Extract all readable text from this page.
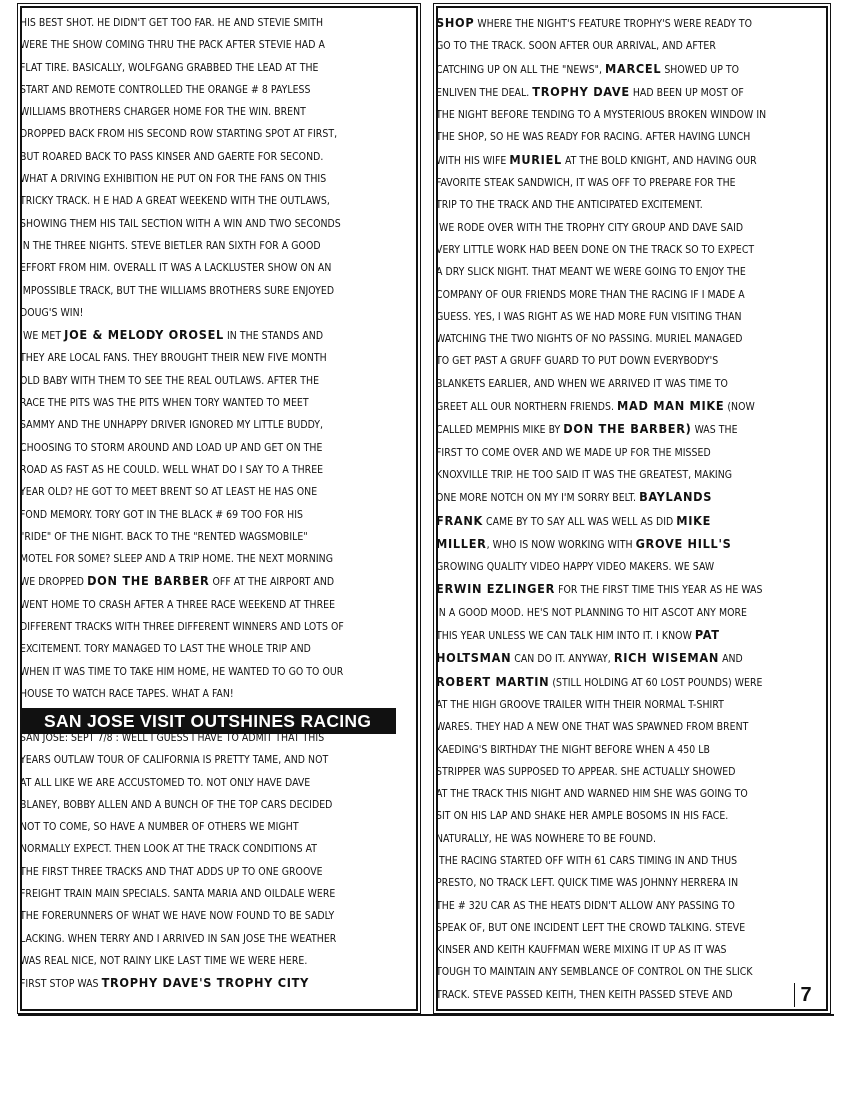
HIS BEST SHOT. HE DIDN'T GET TOO FAR. HE AND STEVIE SMITH

WERE THE SHOW COMING THRU THE PACK AFTER STEVIE HAD A

FLAT TIRE. BASICALLY, WOLFGANG GRABBED THE LEAD AT THE

START AND REMOTE CONTROLLED THE ORANGE # 8 PAYLESS

WILLIAMS BROTHERS CHARGER HOME FOR THE WIN. BRENT

DROPPED BACK FROM HIS SECOND ROW STARTING SPOT AT FIRST,

BUT ROARED BACK TO PASS KINSER AND GAERTE FOR SECOND.

WHAT A DRIVING EXHIBITION HE PUT ON FOR THE FANS ON THIS

TRICKY TRACK. H E HAD A GREAT WEEKEND WITH THE OUTLAWS,

SHOWING THEM HIS TAIL SECTION WITH A WIN AND TWO SECONDS

IN THE THREE NIGHTS. STEVE BIETLER RAN SIXTH FOR A GOOD

EFFORT FROM HIM. OVERALL IT WAS A LACKLUSTER SHOW ON AN

IMPOSSIBLE TRACK, BUT THE WILLIAMS BROTHERS SURE ENJOYED

DOUG'S WIN!

WE MET JOE & MELODY OROSEL IN THE STANDS AND

THEY ARE LOCAL FANS. THEY BROUGHT THEIR NEW FIVE MONTH

OLD BABY WITH THEM TO SEE THE REAL OUTLAWS. AFTER THE

RACE THE PITS WAS THE PITS WHEN TORY WANTED TO MEET

SAMMY AND THE UNHAPPY DRIVER IGNORED MY LITTLE BUDDY,

CHOOSING TO STORM AROUND AND LOAD UP AND GET ON THE

ROAD AS FAST AS HE COULD. WELL WHAT DO I SAY TO A THREE

YEAR OLD? HE GOT TO MEET BRENT SO AT LEAST HE HAS ONE

FOND MEMORY. TORY GOT IN THE BLACK # 69 TOO FOR HIS

"RIDE" OF THE NIGHT. BACK TO THE "RENTED WAGSMOBILE"

MOTEL FOR SOME? SLEEP AND A TRIP HOME. THE NEXT MORNING

WE DROPPED DON THE BARBER OFF AT THE AIRPORT AND

WENT HOME TO CRASH AFTER A THREE RACE WEEKEND AT THREE

DIFFERENT TRACKS WITH THREE DIFFERENT WINNERS AND LOTS OF

EXCITEMENT. TORY MANAGED TO LAST THE WHOLE TRIP AND

WHEN IT WAS TIME TO TAKE HIM HOME, HE WANTED TO GO TO OUR

HOUSE TO WATCH RACE TAPES. WHAT A FAN!

SAN JOSE VISIT OUTSHINES RACING

SAN JOSE: SEPT 7/8 : WELL I GUESS I HAVE TO ADMIT THAT THIS

YEARS OUTLAW TOUR OF CALIFORNIA IS PRETTY TAME, AND NOT

AT ALL LIKE WE ARE ACCUSTOMED TO. NOT ONLY HAVE DAVE

BLANEY, BOBBY ALLEN AND A BUNCH OF THE TOP CARS DECIDED

NOT TO COME, SO HAVE A NUMBER OF OTHERS WE MIGHT

NORMALLY EXPECT. THEN LOOK AT THE TRACK CONDITIONS AT

THE FIRST THREE TRACKS AND THAT ADDS UP TO ONE GROOVE

FREIGHT TRAIN MAIN SPECIALS. SANTA MARIA AND OILDALE WERE

THE FORERUNNERS OF WHAT WE HAVE NOW FOUND TO BE SADLY

LACKING. WHEN TERRY AND I ARRIVED IN SAN JOSE THE WEATHER

WAS REAL NICE, NOT RAINY LIKE LAST TIME WE WERE HERE.

FIRST STOP WAS TROPHY DAVE'S TROPHY CITY

SHOP WHERE THE NIGHT'S FEATURE TROPHY'S WERE READY TO

GO TO THE TRACK. SOON AFTER OUR ARRIVAL, AND AFTER

CATCHING UP ON ALL THE "NEWS", MARCEL SHOWED UP TO

ENLIVEN THE DEAL. TROPHY DAVE HAD BEEN UP MOST OF

THE NIGHT BEFORE TENDING TO A MYSTERIOUS BROKEN WINDOW IN

THE SHOP, SO HE WAS READY FOR RACING. AFTER HAVING LUNCH

WITH HIS WIFE MURIEL AT THE BOLD KNIGHT, AND HAVING OUR

FAVORITE STEAK SANDWICH, IT WAS OFF TO PREPARE FOR THE

TRIP TO THE TRACK AND THE ANTICIPATED EXCITEMENT.

WE RODE OVER WITH THE TROPHY CITY GROUP AND DAVE SAID

VERY LITTLE WORK HAD BEEN DONE ON THE TRACK SO TO EXPECT

A DRY SLICK NIGHT. THAT MEANT WE WERE GOING TO ENJOY THE

COMPANY OF OUR FRIENDS MORE THAN THE RACING IF I MADE A

GUESS. YES, I WAS RIGHT AS WE HAD MORE FUN VISITING THAN

WATCHING THE TWO NIGHTS OF NO PASSING. MURIEL MANAGED

TO GET PAST A GRUFF GUARD TO PUT DOWN EVERYBODY'S

BLANKETS EARLIER, AND WHEN WE ARRIVED IT WAS TIME TO

GREET ALL OUR NORTHERN FRIENDS. MAD MAN MIKE (NOW

CALLED MEMPHIS MIKE BY DON THE BARBER) WAS THE

FIRST TO COME OVER AND WE MADE UP FOR THE MISSED

KNOXVILLE TRIP. HE TOO SAID IT WAS THE GREATEST, MAKING

ONE MORE NOTCH ON MY I'M SORRY BELT. BAYLANDS

FRANK CAME BY TO SAY ALL WAS WELL AS DID MIKE

MILLER, WHO IS NOW WORKING WITH GROVE HILL'S

GROWING QUALITY VIDEO HAPPY VIDEO MAKERS. WE SAW

ERWIN EZLINGER FOR THE FIRST TIME THIS YEAR AS HE WAS

IN A GOOD MOOD. HE'S NOT PLANNING TO HIT ASCOT ANY MORE

THIS YEAR UNLESS WE CAN TALK HIM INTO IT. I KNOW PAT

HOLTSMAN CAN DO IT. ANYWAY, RICH WISEMAN AND

ROBERT MARTIN (STILL HOLDING AT 60 LOST POUNDS) WERE

AT THE HIGH GROOVE TRAILER WITH THEIR NORMAL T-SHIRT

WARES. THEY HAD A NEW ONE THAT WAS SPAWNED FROM BRENT

KAEDING'S BIRTHDAY THE NIGHT BEFORE WHEN A 450 LB

STRIPPER WAS SUPPOSED TO APPEAR. SHE ACTUALLY SHOWED

AT THE TRACK THIS NIGHT AND WARNED HIM SHE WAS GOING TO

SIT ON HIS LAP AND SHAKE HER AMPLE BOSOMS IN HIS FACE.

NATURALLY, HE WAS NOWHERE TO BE FOUND.

THE RACING STARTED OFF WITH 61 CARS TIMING IN AND THUS

PRESTO, NO TRACK LEFT. QUICK TIME WAS JOHNNY HERRERA IN

THE # 32U CAR AS THE HEATS DIDN'T ALLOW ANY PASSING TO

SPEAK OF, BUT ONE INCIDENT LEFT THE CROWD TALKING. STEVE

KINSER AND KEITH KAUFFMAN WERE MIXING IT UP AS IT WAS

TOUGH TO MAINTAIN ANY SEMBLANCE OF CONTROL ON THE SLICK

TRACK. STEVE PASSED KEITH, THEN KEITH PASSED STEVE AND	7
